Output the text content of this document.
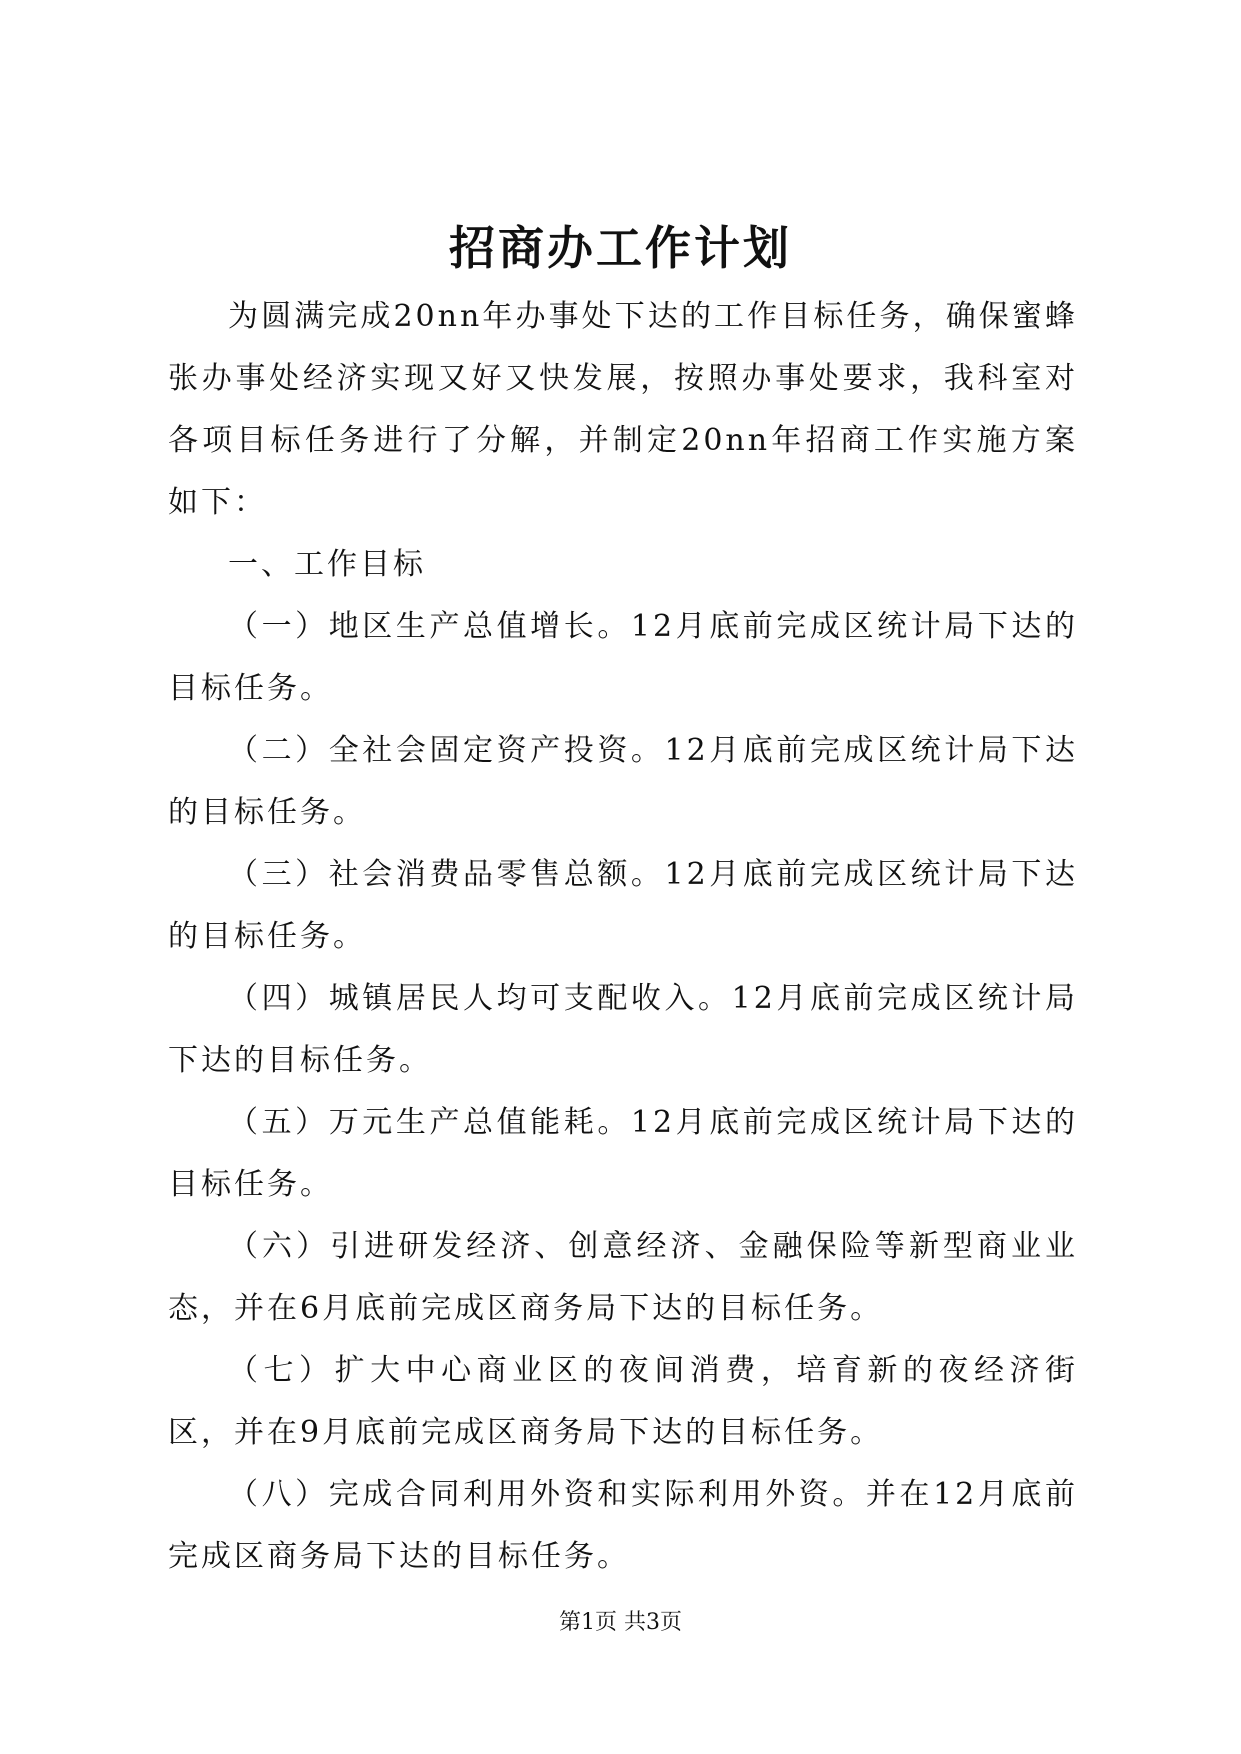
招商办工作计划

为圆满完成20nn年办事处下达的工作目标任务，确保蜜蜂张办事处经济实现又好又快发展，按照办事处要求，我科室对各项目标任务进行了分解，并制定20nn年招商工作实施方案如下：

一、工作目标

（一）地区生产总值增长。12月底前完成区统计局下达的目标任务。

（二）全社会固定资产投资。12月底前完成区统计局下达的目标任务。

（三）社会消费品零售总额。12月底前完成区统计局下达的目标任务。

（四）城镇居民人均可支配收入。12月底前完成区统计局下达的目标任务。

（五）万元生产总值能耗。12月底前完成区统计局下达的目标任务。

（六）引进研发经济、创意经济、金融保险等新型商业业态，并在6月底前完成区商务局下达的目标任务。

（七）扩大中心商业区的夜间消费，培育新的夜经济街区，并在9月底前完成区商务局下达的目标任务。

（八）完成合同利用外资和实际利用外资。并在12月底前完成区商务局下达的目标任务。

第1页 共3页
